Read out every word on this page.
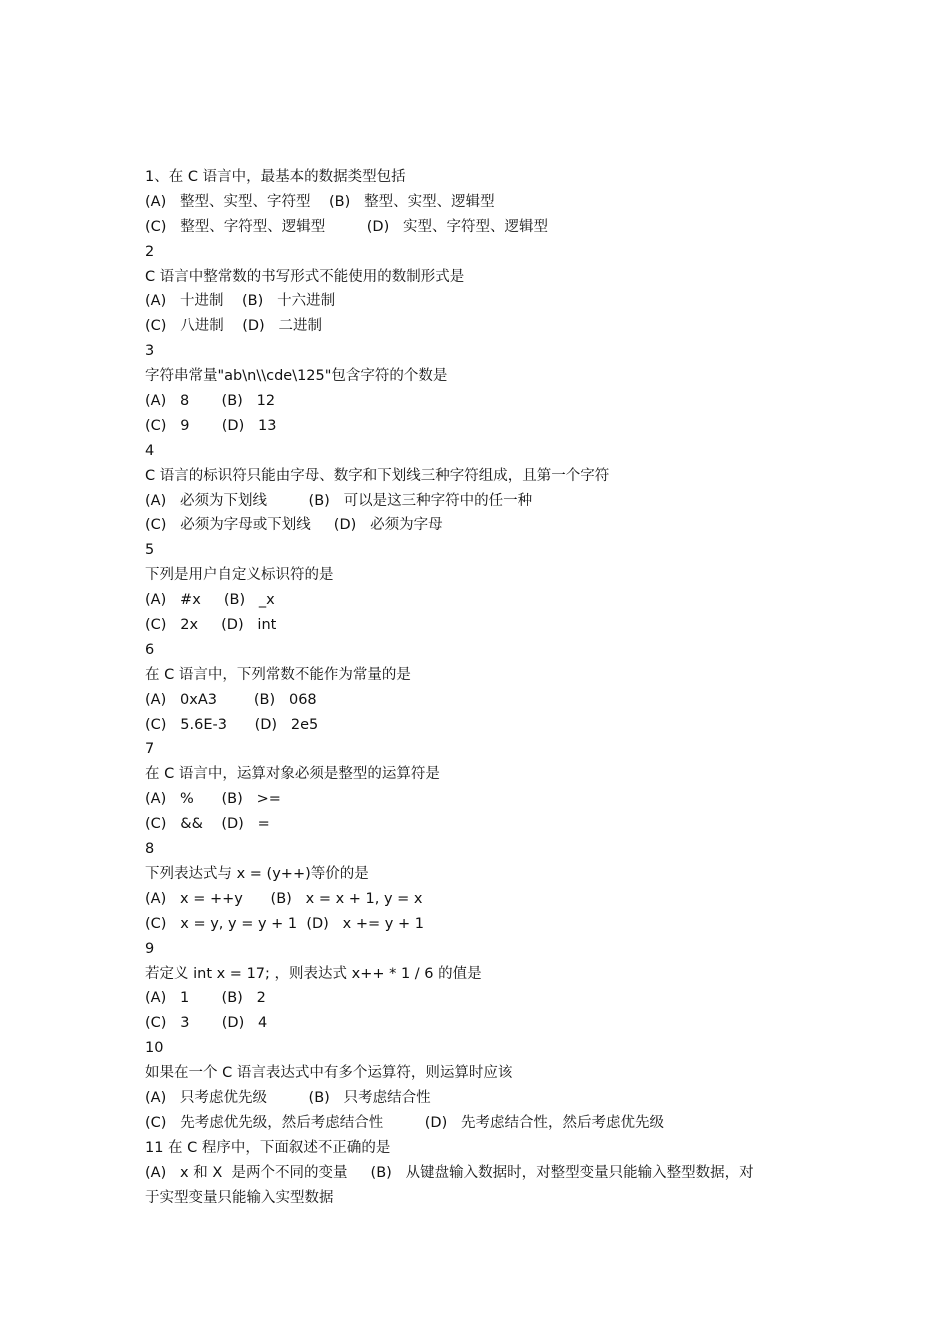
1、在 C 语言中，最基本的数据类型包括

(A)   整型、实型、字符型    (B)   整型、实型、逻辑型

(C)   整型、字符型、逻辑型         (D)   实型、字符型、逻辑型

2

C 语言中整常数的书写形式不能使用的数制形式是

(A)   十进制    (B)   十六进制

(C)   八进制    (D)   二进制

3

字符串常量"ab\n\\cde\125"包含字符的个数是

(A)   8       (B)   12

(C)   9       (D)   13

4

C 语言的标识符只能由字母、数字和下划线三种字符组成，且第一个字符

(A)   必须为下划线         (B)   可以是这三种字符中的任一种

(C)   必须为字母或下划线     (D)   必须为字母

5

下列是用户自定义标识符的是

(A)   #x     (B)   _x

(C)   2x     (D)   int

6

在 C 语言中，下列常数不能作为常量的是

(A)   0xA3        (B)   068

(C)   5.6E-3      (D)   2e5

7

在 C 语言中，运算对象必须是整型的运算符是

(A)   %      (B)   >=

(C)   &&    (D)   =

8

下列表达式与 x = (y++)等价的是

(A)   x = ++y      (B)   x = x + 1, y = x

(C)   x = y, y = y + 1  (D)   x += y + 1

9

若定义 int x = 17; ，则表达式 x++ * 1 / 6 的值是

(A)   1       (B)   2

(C)   3       (D)   4

10

如果在一个 C 语言表达式中有多个运算符，则运算时应该

(A)   只考虑优先级         (B)   只考虑结合性

(C)   先考虑优先级，然后考虑结合性         (D)   先考虑结合性，然后考虑优先级

11 在 C 程序中，下面叙述不正确的是

(A)   x 和 X  是两个不同的变量     (B)   从键盘输入数据时，对整型变量只能输入整型数据，对

于实型变量只能输入实型数据
